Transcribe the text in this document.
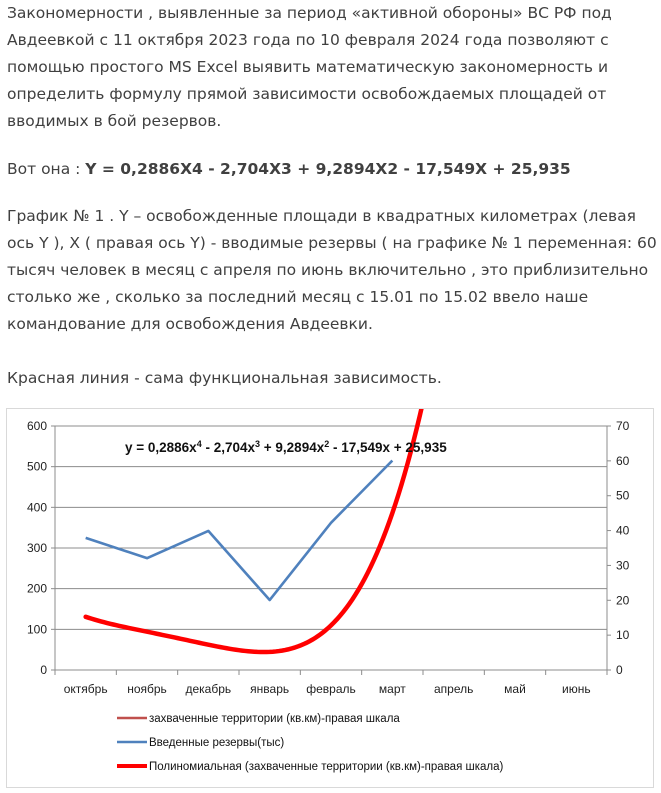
Закономерности , выявленные за период «активной обороны» ВС РФ под Авдеевкой с 11 октября 2023 года по 10 февраля 2024 года позволяют с помощью простого MS Excel выявить математическую закономерность и определить формулу прямой зависимости освобождаемых площадей от вводимых в бой резервов.

Вот она : Y = 0,2886X4 - 2,704X3 + 9,2894X2 - 17,549X + 25,935

График № 1 . Y – освобожденные площади в квадратных километрах (левая ось Y ), X ( правая ось Y) - вводимые резервы ( на графике № 1 переменная: 60 тысяч человек в месяц с апреля по июнь включительно , это приблизительно столько же , сколько за последний месяц с 15.01 по 15.02 ввело наше командование для освобождения Авдеевки.

Красная линия - сама функциональная зависимость.

0
100
200
300
400
500
600
0
10
20
30
40
50
60
70
октябрь ноябрь декабрь январь февраль март апрель	май	июнь
$y = 0,2886x^4 - 2,704x^3 + 9,2894x^2 - 17,549x + 25,935$
захваченные территории (кв.км)-правая шкала
Введенные резервы(тыс)
Полиномиальная (захваченные территории (кв.км)-правая шкала)
